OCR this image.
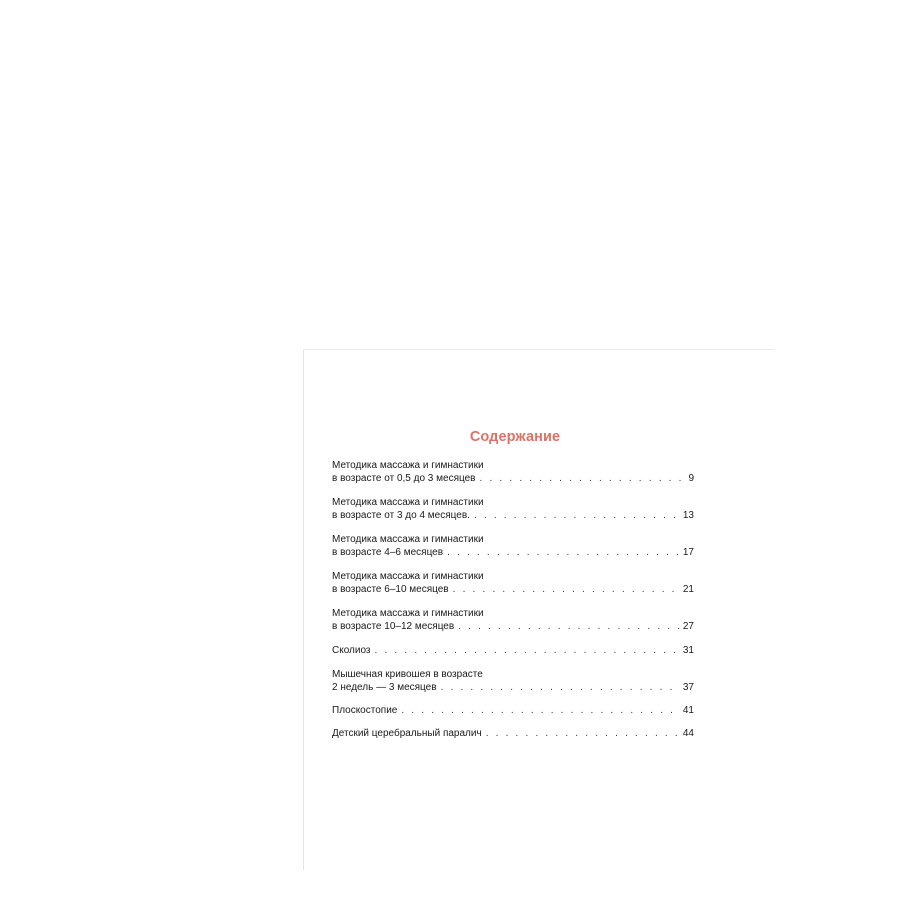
Содержание
Методика массажа и гимнастики
в возрасте от 0,5 до 3 месяцев . . .	9
Методика массажа и гимнастики
в возрасте от 3 до 4 месяцев. . . .	13
Методика массажа и гимнастики
в возрасте 4–6 месяцев . . .	17
Методика массажа и гимнастики
в возрасте 6–10 месяцев . . .	21
Методика массажа и гимнастики
в возрасте 10–12 месяцев . . .	27
Сколиоз . . .	31
Мышечная кривошея в возрасте
2 недель — 3 месяцев . . .	37
Плоскостопие . . .	41
Детский церебральный паралич . . .	44
